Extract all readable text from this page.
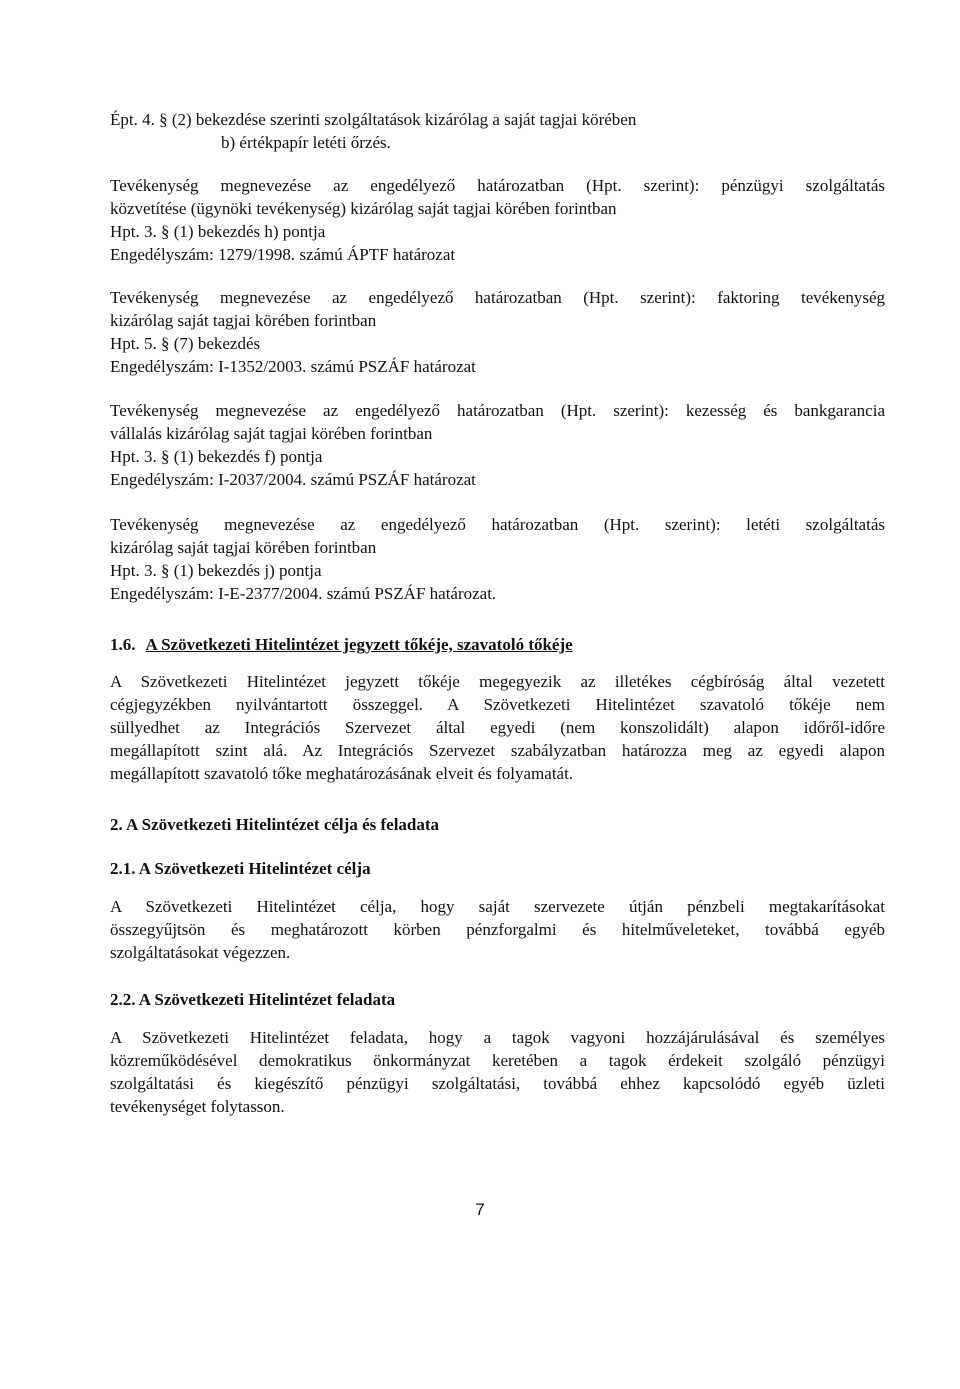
Épt. 4. § (2) bekezdése szerinti szolgáltatások kizárólag a saját tagjai körében
b) értékpapír letéti őrzés.
Tevékenység megnevezése az engedélyező határozatban (Hpt. szerint): pénzügyi szolgáltatás
közvetítése (ügynöki tevékenység) kizárólag saját tagjai körében forintban
Hpt. 3. § (1) bekezdés h) pontja
Engedélyszám: 1279/1998. számú ÁPTF határozat
Tevékenység megnevezése az engedélyező határozatban (Hpt. szerint): faktoring tevékenység
kizárólag saját tagjai körében forintban
Hpt. 5. § (7) bekezdés
Engedélyszám: I-1352/2003. számú PSZÁF határozat
Tevékenység megnevezése az engedélyező határozatban (Hpt. szerint): kezesség és bankgarancia
vállalás kizárólag saját tagjai körében forintban
Hpt. 3. § (1) bekezdés f) pontja
Engedélyszám: I-2037/2004. számú PSZÁF határozat
Tevékenység megnevezése az engedélyező határozatban (Hpt. szerint): letéti szolgáltatás
kizárólag saját tagjai körében forintban
Hpt. 3. § (1) bekezdés j) pontja
Engedélyszám: I-E-2377/2004. számú PSZÁF határozat.
1.6. A Szövetkezeti Hitelintézet jegyzett tőkéje, szavatoló tőkéje
A Szövetkezeti Hitelintézet jegyzett tőkéje megegyezik az illetékes cégbíróság által vezetett
cégjegyzékben nyilvántartott összeggel. A Szövetkezeti Hitelintézet szavatoló tőkéje nem
süllyedhet az Integrációs Szervezet által egyedi (nem konszolidált) alapon időről-időre
megállapított szint alá. Az Integrációs Szervezet szabályzatban határozza meg az egyedi alapon
megállapított szavatoló tőke meghatározásának elveit és folyamatát.
2. A Szövetkezeti Hitelintézet célja és feladata
2.1. A Szövetkezeti Hitelintézet célja
A Szövetkezeti Hitelintézet célja, hogy saját szervezete útján pénzbeli megtakarításokat
összegyűjtsön és meghatározott körben pénzforgalmi és hitelműveleteket, továbbá egyéb
szolgáltatásokat végezzen.
2.2. A Szövetkezeti Hitelintézet feladata
A Szövetkezeti Hitelintézet feladata, hogy a tagok vagyoni hozzájárulásával és személyes
közreműködésével demokratikus önkormányzat keretében a tagok érdekeit szolgáló pénzügyi
szolgáltatási és kiegészítő pénzügyi szolgáltatási, továbbá ehhez kapcsolódó egyéb üzleti
tevékenységet folytasson.
7
